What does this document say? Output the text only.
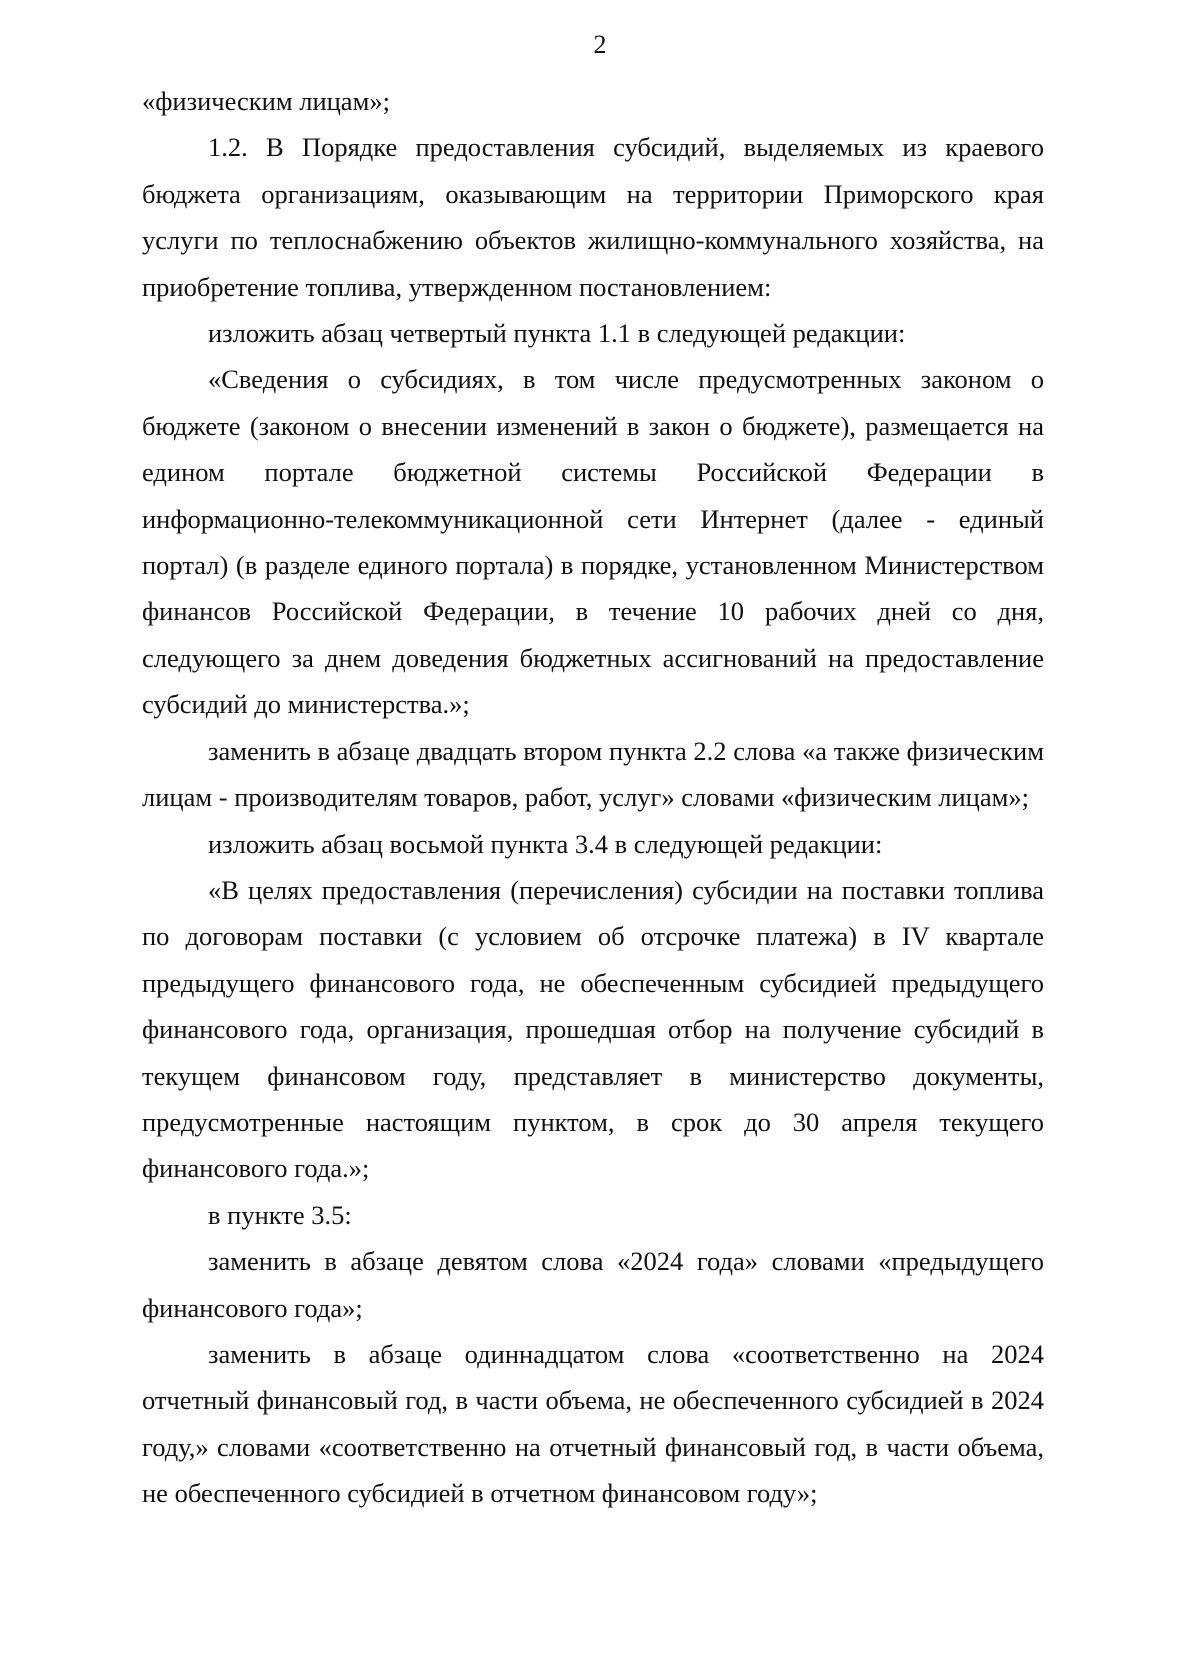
2

«физическим лицам»;

1.2. В Порядке предоставления субсидий, выделяемых из краевого бюджета организациям, оказывающим на территории Приморского края услуги по теплоснабжению объектов жилищно-коммунального хозяйства, на приобретение топлива, утвержденном постановлением:

изложить абзац четвертый пункта 1.1 в следующей редакции:

«Сведения о субсидиях, в том числе предусмотренных законом о бюджете (законом о внесении изменений в закон о бюджете), размещается на едином портале бюджетной системы Российской Федерации в информационно-телекоммуникационной сети Интернет (далее - единый портал) (в разделе единого портала) в порядке, установленном Министерством финансов Российской Федерации, в течение 10 рабочих дней со дня, следующего за днем доведения бюджетных ассигнований на предоставление субсидий до министерства.»;

заменить в абзаце двадцать втором пункта 2.2 слова «а также физическим лицам - производителям товаров, работ, услуг» словами «физическим лицам»;

изложить абзац восьмой пункта 3.4 в следующей редакции:

«В целях предоставления (перечисления) субсидии на поставки топлива по договорам поставки (с условием об отсрочке платежа) в IV квартале предыдущего финансового года, не обеспеченным субсидией предыдущего финансового года, организация, прошедшая отбор на получение субсидий в текущем финансовом году, представляет в министерство документы, предусмотренные настоящим пунктом, в срок до 30 апреля текущего финансового года.»;

в пункте 3.5:

заменить в абзаце девятом слова «2024 года» словами «предыдущего финансового года»;

заменить в абзаце одиннадцатом слова «соответственно на 2024 отчетный финансовый год, в части объема, не обеспеченного субсидией в 2024 году,» словами «соответственно на отчетный финансовый год, в части объема, не обеспеченного субсидией в отчетном финансовом году»;
